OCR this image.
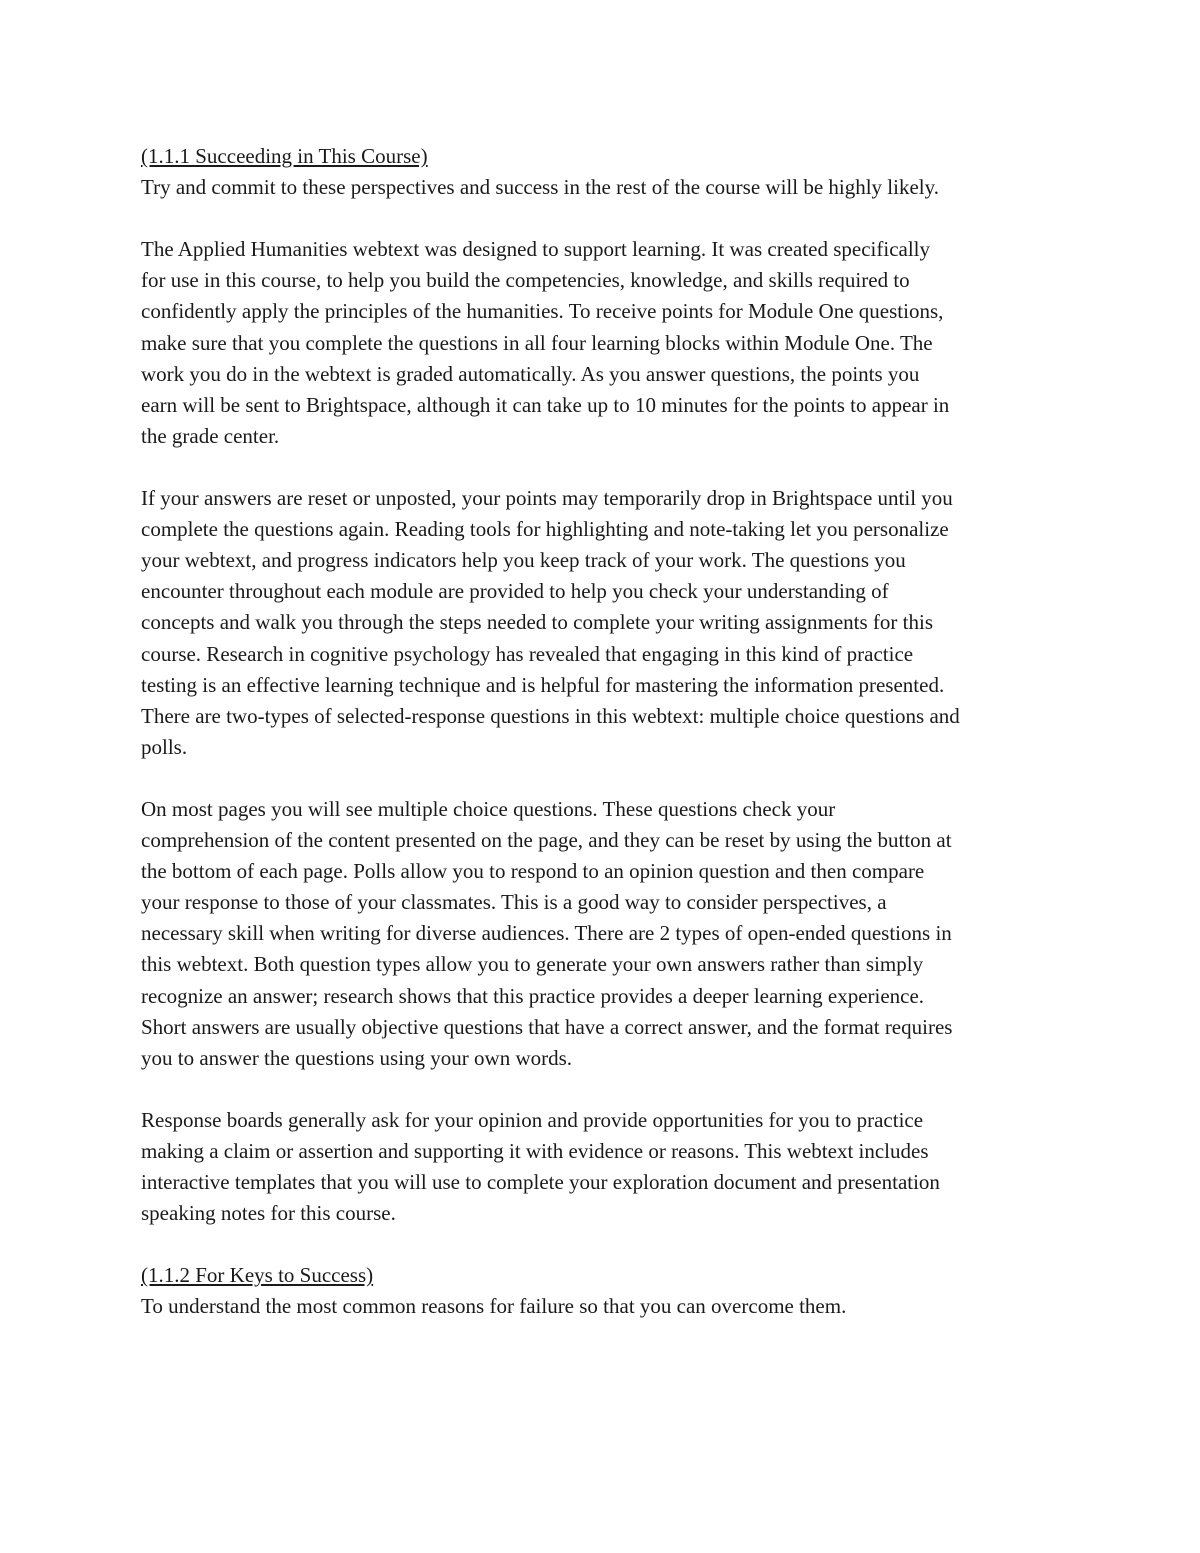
(1.1.1 Succeeding in This Course)

Try and commit to these perspectives and success in the rest of the course will be highly likely.

The Applied Humanities webtext was designed to support learning. It was created specifically

for use in this course, to help you build the competencies, knowledge, and skills required to

confidently apply the principles of the humanities. To receive points for Module One questions,

make sure that you complete the questions in all four learning blocks within Module One. The

work you do in the webtext is graded automatically. As you answer questions, the points you

earn will be sent to Brightspace, although it can take up to 10 minutes for the points to appear in

the grade center.

If your answers are reset or unposted, your points may temporarily drop in Brightspace until you

complete the questions again. Reading tools for highlighting and note-taking let you personalize

your webtext, and progress indicators help you keep track of your work. The questions you

encounter throughout each module are provided to help you check your understanding of

concepts and walk you through the steps needed to complete your writing assignments for this

course. Research in cognitive psychology has revealed that engaging in this kind of practice

testing is an effective learning technique and is helpful for mastering the information presented.

There are two-types of selected-response questions in this webtext: multiple choice questions and

polls.

On most pages you will see multiple choice questions. These questions check your

comprehension of the content presented on the page, and they can be reset by using the button at

the bottom of each page. Polls allow you to respond to an opinion question and then compare

your response to those of your classmates. This is a good way to consider perspectives, a

necessary skill when writing for diverse audiences. There are 2 types of open-ended questions in

this webtext. Both question types allow you to generate your own answers rather than simply

recognize an answer; research shows that this practice provides a deeper learning experience.

Short answers are usually objective questions that have a correct answer, and the format requires

you to answer the questions using your own words.

Response boards generally ask for your opinion and provide opportunities for you to practice

making a claim or assertion and supporting it with evidence or reasons. This webtext includes

interactive templates that you will use to complete your exploration document and presentation

speaking notes for this course.

(1.1.2 For Keys to Success)

To understand the most common reasons for failure so that you can overcome them.
